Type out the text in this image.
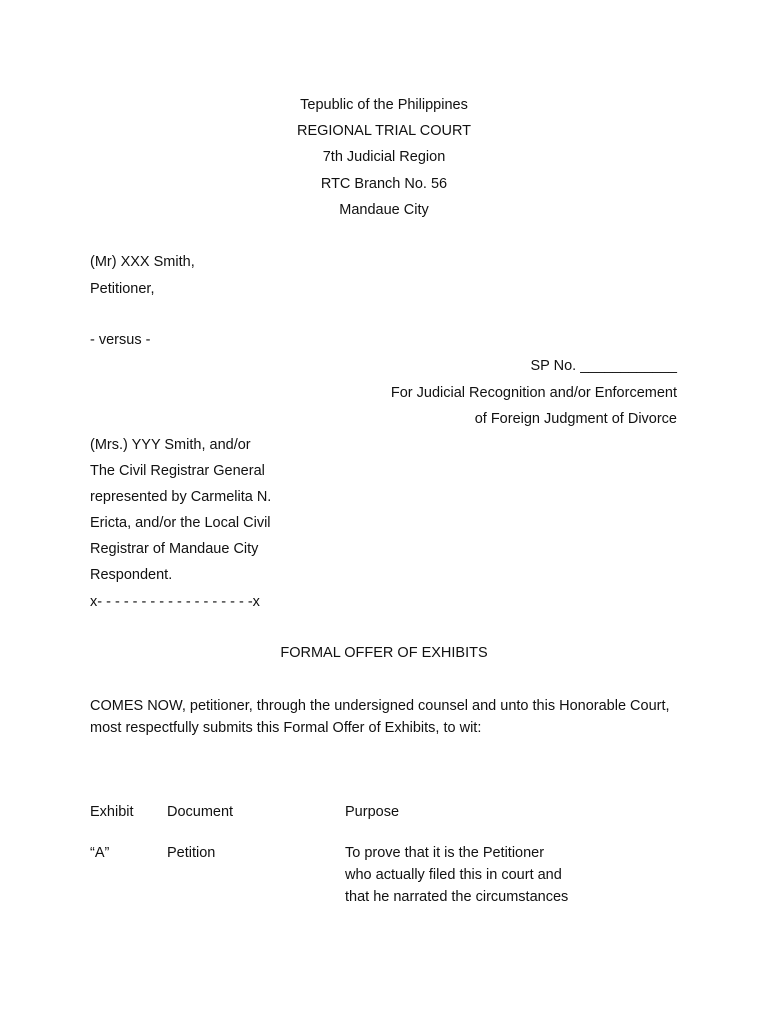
Tepublic of the Philippines
REGIONAL TRIAL COURT
7th Judicial Region
RTC Branch No. 56
Mandaue City
(Mr) XXX Smith,
Petitioner,
- versus -
SP No. ____________
For Judicial Recognition and/or Enforcement
of Foreign Judgment of Divorce
(Mrs.) YYY Smith, and/or
The Civil Registrar General
represented by Carmelita N.
Ericta, and/or the Local Civil
Registrar of Mandaue City
Respondent.
x- - - - - - - - - - - - - - - - - -x
FORMAL OFFER OF EXHIBITS
COMES NOW, petitioner, through the undersigned counsel and unto this Honorable Court, most respectfully submits this Formal Offer of Exhibits, to wit:
Exhibit Document	Purpose
“A”	Petition	To prove that it is the Petitioner
who actually filed this in court and
that he narrated the circumstances
